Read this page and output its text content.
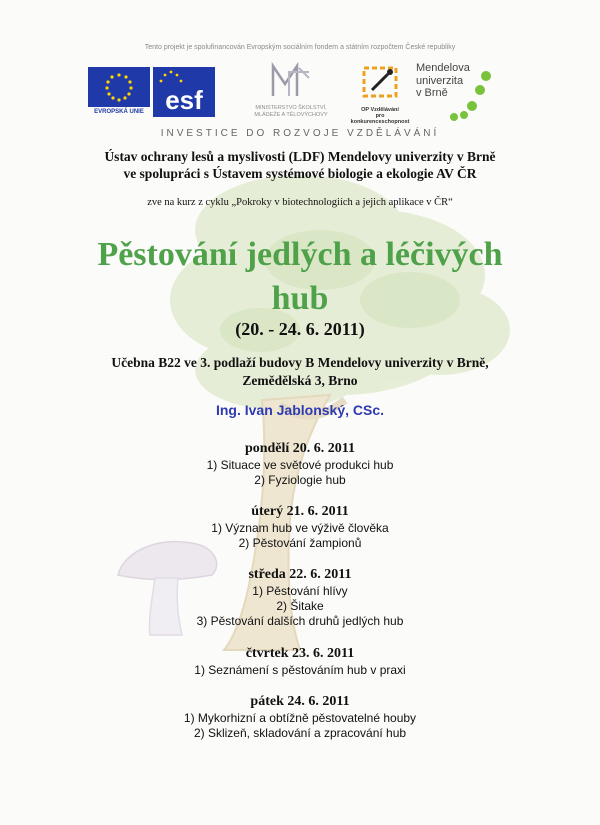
Tento projekt je spolufinancován Evropským sociálním fondem a státním rozpočtem České republiky
EVROPSKÁ UNIE esf	MINISTERSTVO ŠKOLSTVÍ,
MLÁDEŽE A TĚLOVÝCHOVY
OP Vzdělávání
pro konkurenceschopnost
Mendelova
univerzita
v Brně
INVESTICE DO ROZVOJE VZDĚLÁVÁNÍ
Ústav ochrany lesů a myslivosti (LDF) Mendelovy univerzity v Brně
ve spolupráci s Ústavem systémové biologie a ekologie AV ČR
zve na kurz z cyklu „Pokroky v biotechnologiích a jejich aplikace v ČR“
Pěstování jedlých a léčivých
hub
(20. - 24. 6. 2011)
Učebna B22 ve 3. podlaží budovy B Mendelovy univerzity v Brně,
Zemědělská 3, Brno
Ing. Ivan Jablonský, CSc.
pondělí 20. 6. 2011
1) Situace ve světové produkci hub
2) Fyziologie hub
úterý 21. 6. 2011
1) Význam hub ve výživě člověka
2) Pěstování žampionů
středa 22. 6. 2011
1) Pěstování hlívy
2) Šitake
3) Pěstování dalších druhů jedlých hub
čtvrtek 23. 6. 2011
1) Seznámení s pěstováním hub v praxi
pátek 24. 6. 2011
1) Mykorhizní a obtížně pěstovatelné houby
2) Sklizeň, skladování a zpracování hub
